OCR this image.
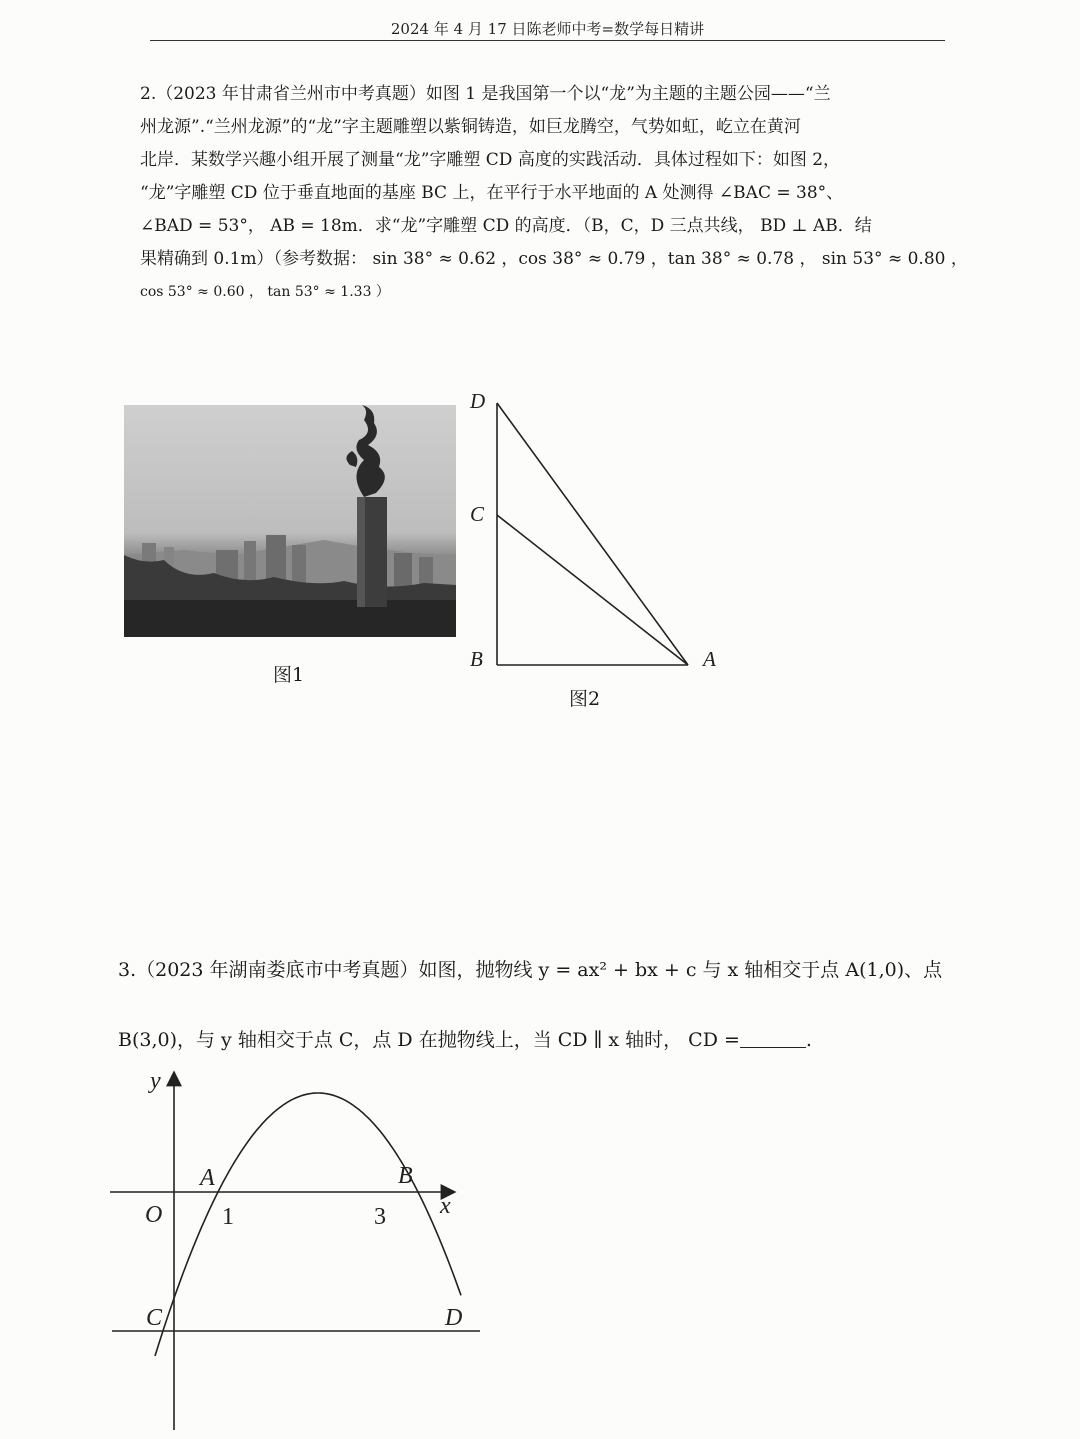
2024 年 4 月 17 日陈老师中考=数学每日精讲

2.（2023 年甘肃省兰州市中考真题）如图 1 是我国第一个以“龙”为主题的主题公园——“兰

州龙源”.“兰州龙源”的“龙”字主题雕塑以紫铜铸造，如巨龙腾空，气势如虹，屹立在黄河

北岸．某数学兴趣小组开展了测量“龙”字雕塑 CD 高度的实践活动．具体过程如下：如图 2，

“龙”字雕塑 CD 位于垂直地面的基座 BC 上，在平行于水平地面的 A 处测得 ∠BAC = 38°、

∠BAD = 53°， AB = 18m．求“龙”字雕塑 CD 的高度．（B，C，D 三点共线， BD ⊥ AB．结

果精确到 0.1m）（参考数据： sin 38° ≈ 0.62 ，cos 38° ≈ 0.79 ，tan 38° ≈ 0.78 ， sin 53° ≈ 0.80 ，

cos 53° ≈ 0.60 ， tan 53° ≈ 1.33 ）

图1
D
C
B	A
图2

3.（2023 年湖南娄底市中考真题）如图，抛物线 y = ax² + bx + c 与 x 轴相交于点 A(1,0)、点

B(3,0)，与 y 轴相交于点 C，点 D 在抛物线上，当 CD ∥ x 轴时， CD =	.

y
x
O
A	B
1	3
C	D
